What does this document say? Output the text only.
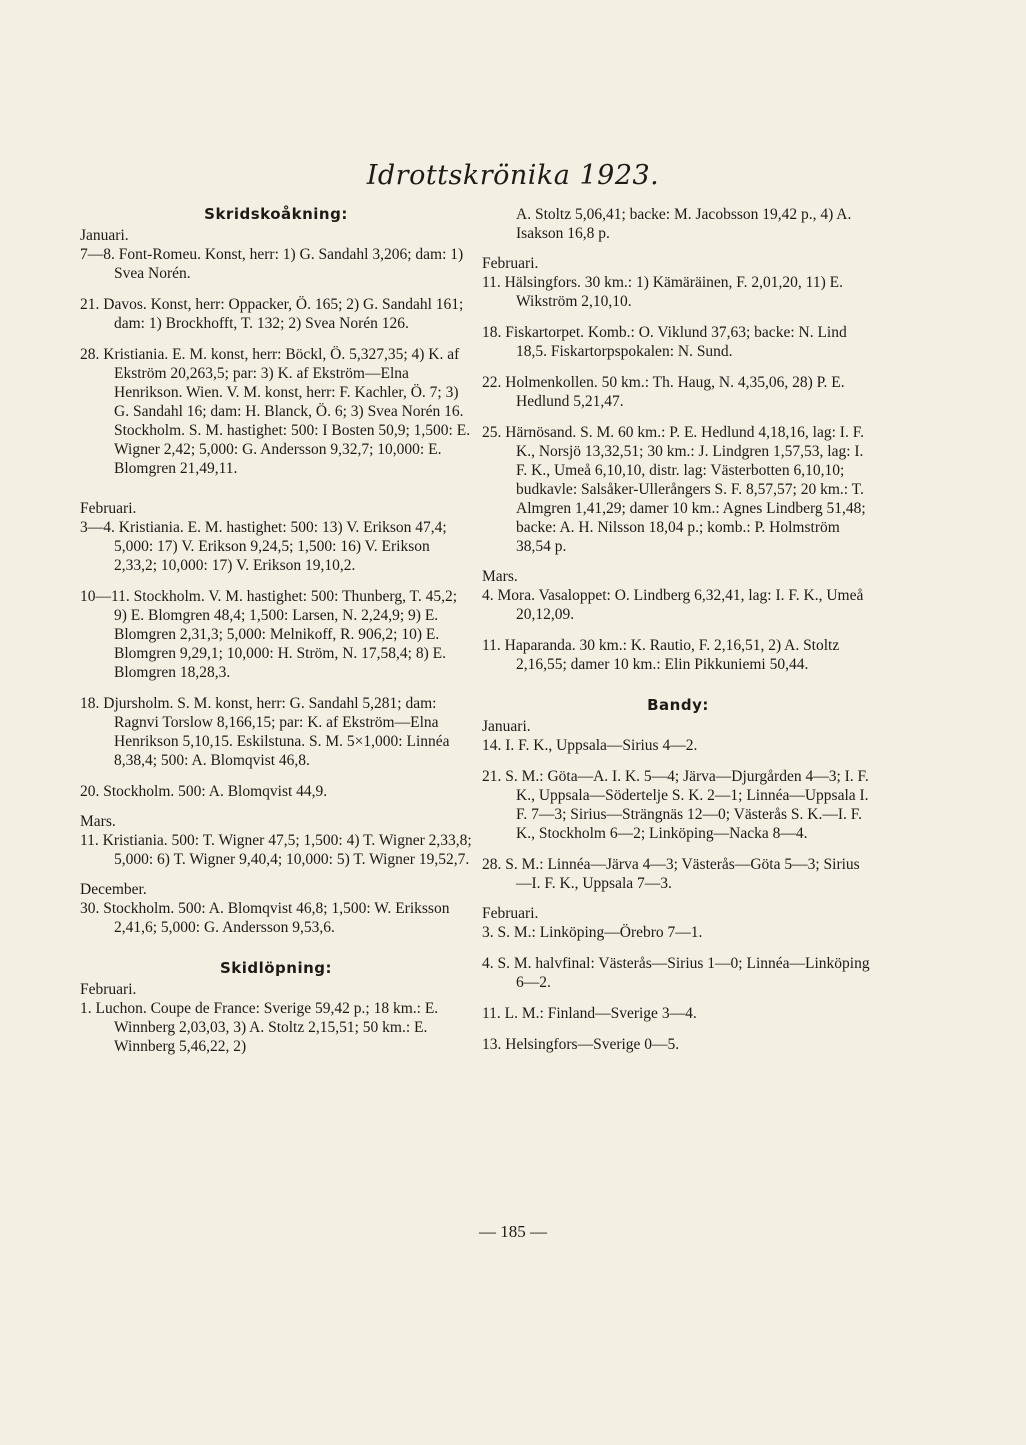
Idrottskrönika 1923.
Skridskoåkning:
Januari.
7—8. Font-Romeu. Konst, herr: 1) G. Sandahl 3,206; dam: 1) Svea Norén.
21. Davos. Konst, herr: Oppacker, Ö. 165; 2) G. Sandahl 161; dam: 1) Brockhofft, T. 132; 2) Svea Norén 126.
28. Kristiania. E. M. konst, herr: Böckl, Ö. 5,327,35; 4) K. af Ekström 20,263,5; par: 3) K. af Ekström—Elna Henrikson. Wien. V. M. konst, herr: F. Kachler, Ö. 7; 3) G. Sandahl 16; dam: H. Blanck, Ö. 6; 3) Svea Norén 16. Stockholm. S. M. hastighet: 500: I Bosten 50,9; 1,500: E. Wigner 2,42; 5,000: G. Andersson 9,32,7; 10,000: E. Blomgren 21,49,11.
Februari.
3—4. Kristiania. E. M. hastighet: 500: 13) V. Erikson 47,4; 5,000: 17) V. Erikson 9,24,5; 1,500: 16) V. Erikson 2,33,2; 10,000: 17) V. Erikson 19,10,2.
10—11. Stockholm. V. M. hastighet: 500: Thunberg, T. 45,2; 9) E. Blomgren 48,4; 1,500: Larsen, N. 2,24,9; 9) E. Blomgren 2,31,3; 5,000: Melnikoff, R. 906,2; 10) E. Blomgren 9,29,1; 10,000: H. Ström, N. 17,58,4; 8) E. Blomgren 18,28,3.
18. Djursholm. S. M. konst, herr: G. Sandahl 5,281; dam: Ragnvi Torslow 8,166,15; par: K. af Ekström—Elna Henrikson 5,10,15. Eskilstuna. S. M. 5×1,000: Linnéa 8,38,4; 500: A. Blomqvist 46,8.
20. Stockholm. 500: A. Blomqvist 44,9.
Mars.
11. Kristiania. 500: T. Wigner 47,5; 1,500: 4) T. Wigner 2,33,8; 5,000: 6) T. Wigner 9,40,4; 10,000: 5) T. Wigner 19,52,7.
December.
30. Stockholm. 500: A. Blomqvist 46,8; 1,500: W. Eriksson 2,41,6; 5,000: G. Andersson 9,53,6.
Skidlöpning:
Februari.
1. Luchon. Coupe de France: Sverige 59,42 p.; 18 km.: E. Winnberg 2,03,03, 3) A. Stoltz 2,15,51; 50 km.: E. Winnberg 5,46,22, 2)
A. Stoltz 5,06,41; backe: M. Jacobsson 19,42 p., 4) A. Isakson 16,8 p.
Februari.
11. Hälsingfors. 30 km.: 1) Kämäräinen, F. 2,01,20, 11) E. Wikström 2,10,10.
18. Fiskartorpet. Komb.: O. Viklund 37,63; backe: N. Lind 18,5. Fiskartorpspokalen: N. Sund.
22. Holmenkollen. 50 km.: Th. Haug, N. 4,35,06, 28) P. E. Hedlund 5,21,47.
25. Härnösand. S. M. 60 km.: P. E. Hedlund 4,18,16, lag: I. F. K., Norsjö 13,32,51; 30 km.: J. Lindgren 1,57,53, lag: I. F. K., Umeå 6,10,10, distr. lag: Västerbotten 6,10,10; budkavle: Salsåker-Ullerångers S. F. 8,57,57; 20 km.: T. Almgren 1,41,29; damer 10 km.: Agnes Lindberg 51,48; backe: A. H. Nilsson 18,04 p.; komb.: P. Holmström 38,54 p.
Mars.
4. Mora. Vasaloppet: O. Lindberg 6,32,41, lag: I. F. K., Umeå 20,12,09.
11. Haparanda. 30 km.: K. Rautio, F. 2,16,51, 2) A. Stoltz 2,16,55; damer 10 km.: Elin Pikkuniemi 50,44.
Bandy:
Januari.
14. I. F. K., Uppsala—Sirius 4—2.
21. S. M.: Göta—A. I. K. 5—4; Järva—Djurgården 4—3; I. F. K., Uppsala—Södertelje S. K. 2—1; Linnéa—Uppsala I. F. 7—3; Sirius—Strängnäs 12—0; Västerås S. K.—I. F. K., Stockholm 6—2; Linköping—Nacka 8—4.
28. S. M.: Linnéa—Järva 4—3; Västerås—Göta 5—3; Sirius—I. F. K., Uppsala 7—3.
Februari.
3. S. M.: Linköping—Örebro 7—1.
4. S. M. halvfinal: Västerås—Sirius 1—0; Linnéa—Linköping 6—2.
11. L. M.: Finland—Sverige 3—4.
13. Helsingfors—Sverige 0—5.
— 185 —
